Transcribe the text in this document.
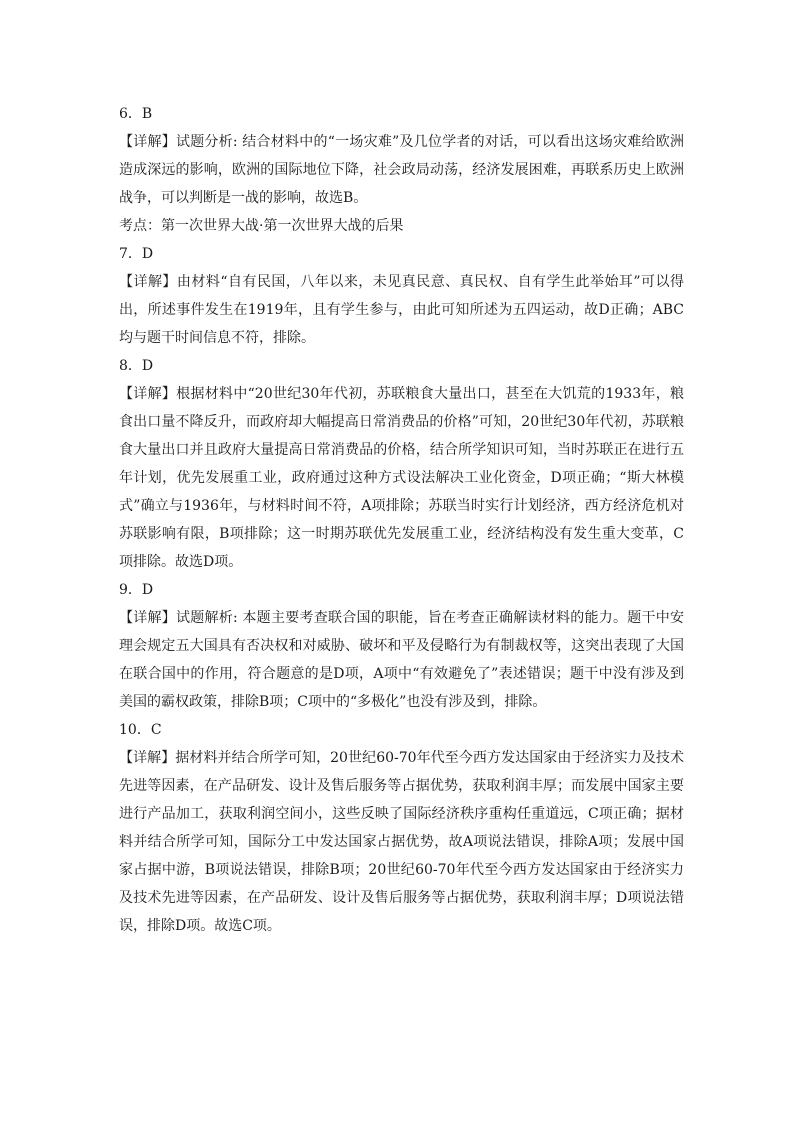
6．B

【详解】试题分析: 结合材料中的“一场灾难”及几位学者的对话，可以看出这场灾难给欧洲造成深远的影响，欧洲的国际地位下降，社会政局动荡，经济发展困难，再联系历史上欧洲战争，可以判断是一战的影响，故选B。

考点：第一次世界大战·第一次世界大战的后果

7．D

【详解】由材料“自有民国，八年以来，未见真民意、真民权、自有学生此举始耳”可以得出，所述事件发生在1919年，且有学生参与，由此可知所述为五四运动，故D正确；ABC均与题干时间信息不符，排除。

8．D

【详解】根据材料中“20世纪30年代初，苏联粮食大量出口，甚至在大饥荒的1933年，粮食出口量不降反升，而政府却大幅提高日常消费品的价格”可知，20世纪30年代初，苏联粮食大量出口并且政府大量提高日常消费品的价格，结合所学知识可知，当时苏联正在进行五年计划，优先发展重工业，政府通过这种方式设法解决工业化资金，D项正确；“斯大林模式”确立与1936年，与材料时间不符，A项排除；苏联当时实行计划经济，西方经济危机对苏联影响有限，B项排除；这一时期苏联优先发展重工业，经济结构没有发生重大变革，C项排除。故选D项。

9．D

【详解】试题解析: 本题主要考查联合国的职能，旨在考查正确解读材料的能力。题干中安理会规定五大国具有否决权和对威胁、破坏和平及侵略行为有制裁权等，这突出表现了大国在联合国中的作用，符合题意的是D项，A项中“有效避免了”表述错误；题干中没有涉及到美国的霸权政策，排除B项；C项中的“多极化”也没有涉及到，排除。

10．C

【详解】据材料并结合所学可知，20世纪60-70年代至今西方发达国家由于经济实力及技术先进等因素，在产品研发、设计及售后服务等占据优势，获取利润丰厚；而发展中国家主要进行产品加工，获取利润空间小，这些反映了国际经济秩序重构任重道远，C项正确；据材料并结合所学可知，国际分工中发达国家占据优势，故A项说法错误，排除A项；发展中国家占据中游，B项说法错误，排除B项；20世纪60-70年代至今西方发达国家由于经济实力及技术先进等因素，在产品研发、设计及售后服务等占据优势，获取利润丰厚；D项说法错误，排除D项。故选C项。
